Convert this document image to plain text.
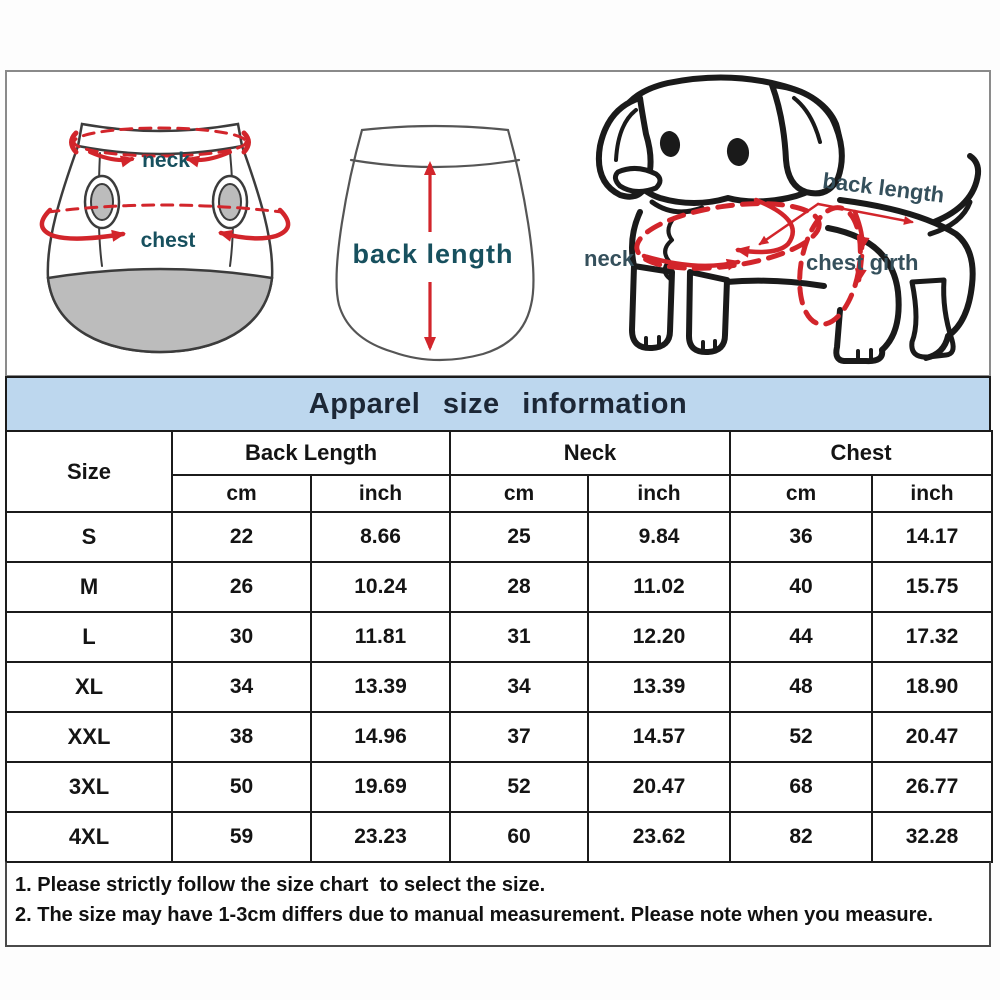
neck
chest	back length	neck
back length
chest girth
Apparel size information
Size	Back Length		Neck		Chest	
	cm	inch	cm	inch	cm	inch
S	22	8.66	25	9.84	36	14.17
M	26	10.24	28	11.02	40	15.75
L	30	11.81	31	12.20	44	17.32
XL	34	13.39	34	13.39	48	18.90
XXL	38	14.96	37	14.57	52	20.47
3XL	50	19.69	52	20.47	68	26.77
4XL	59	23.23	60	23.62	82	32.28
1. Please strictly follow the size chart  to select the size.
2. The size may have 1-3cm differs due to manual measurement. Please note when you measure.
